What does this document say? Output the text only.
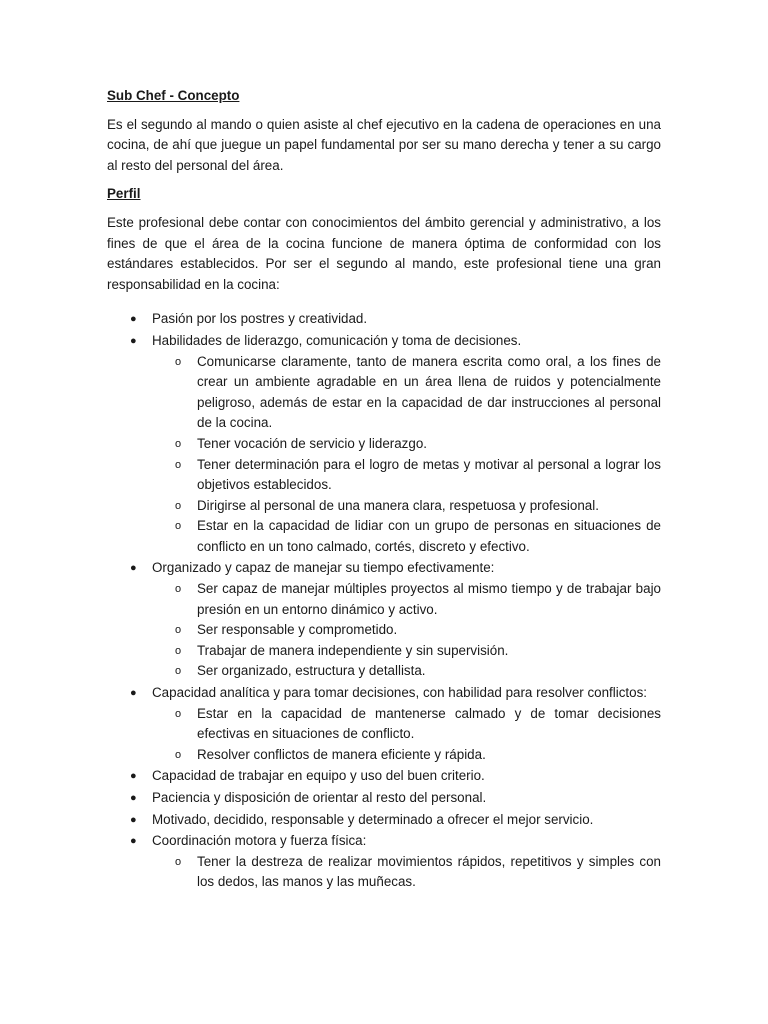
Sub Chef - Concepto

Es el segundo al mando o quien asiste al chef ejecutivo en la cadena de operaciones en una cocina, de ahí que juegue un papel fundamental por ser su mano derecha y tener a su cargo al resto del personal del área.

Perfil

Este profesional debe contar con conocimientos del ámbito gerencial y administrativo, a los fines de que el área de la cocina funcione de manera óptima de conformidad con los estándares establecidos. Por ser el segundo al mando, este profesional tiene una gran responsabilidad en la cocina:

● Pasión por los postres y creatividad.
● Habilidades de liderazgo, comunicación y toma de decisiones.
o Comunicarse claramente, tanto de manera escrita como oral, a los fines de crear un ambiente agradable en un área llena de ruidos y potencialmente peligroso, además de estar en la capacidad de dar instrucciones al personal de la cocina.
o Tener vocación de servicio y liderazgo.
o Tener determinación para el logro de metas y motivar al personal a lograr los objetivos establecidos.
o Dirigirse al personal de una manera clara, respetuosa y profesional.
o Estar en la capacidad de lidiar con un grupo de personas en situaciones de conflicto en un tono calmado, cortés, discreto y efectivo.
● Organizado y capaz de manejar su tiempo efectivamente:
o Ser capaz de manejar múltiples proyectos al mismo tiempo y de trabajar bajo presión en un entorno dinámico y activo.
o Ser responsable y comprometido.
o Trabajar de manera independiente y sin supervisión.
o Ser organizado, estructura y detallista.
● Capacidad analítica y para tomar decisiones, con habilidad para resolver conflictos:
o Estar en la capacidad de mantenerse calmado y de tomar decisiones efectivas en situaciones de conflicto.
o Resolver conflictos de manera eficiente y rápida.
● Capacidad de trabajar en equipo y uso del buen criterio.
● Paciencia y disposición de orientar al resto del personal.
● Motivado, decidido, responsable y determinado a ofrecer el mejor servicio.
● Coordinación motora y fuerza física:
o Tener la destreza de realizar movimientos rápidos, repetitivos y simples con los dedos, las manos y las muñecas.
